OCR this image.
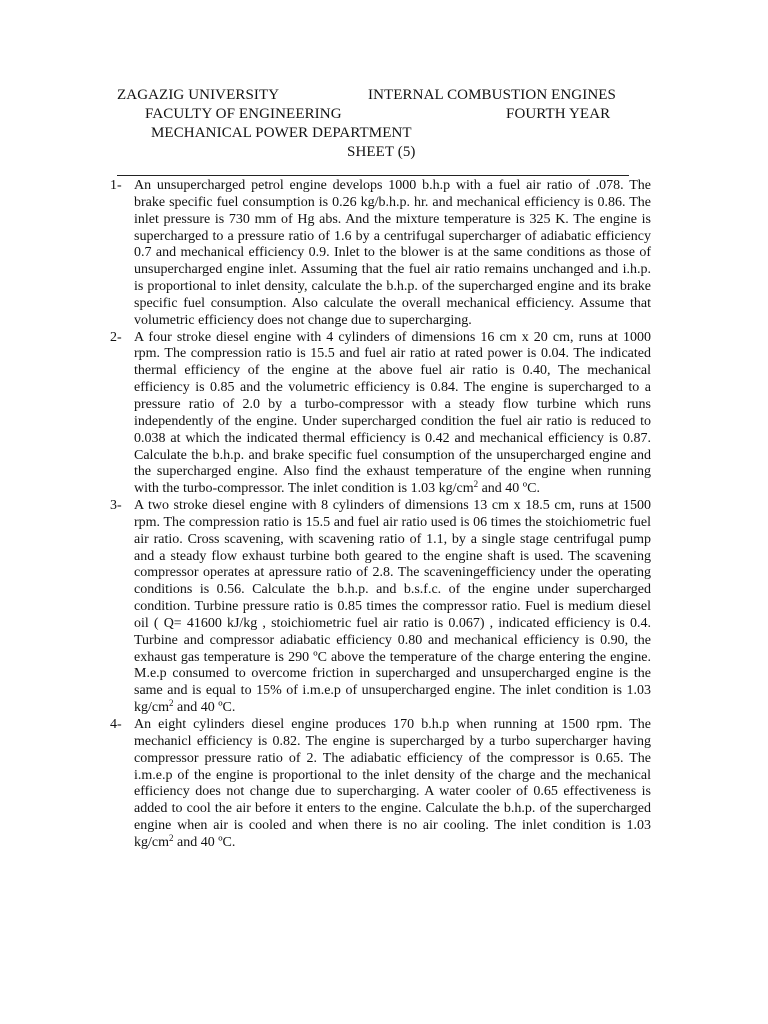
ZAGAZIG UNIVERSITY	INTERNAL COMBUSTION ENGINES
FACULTY OF ENGINEERING	FOURTH YEAR
MECHANICAL POWER DEPARTMENT
SHEET (5)
1- An unsupercharged petrol engine develops 1000 b.h.p with a fuel air ratio of .078. The brake specific fuel consumption is 0.26 kg/b.h.p. hr. and mechanical efficiency is 0.86. The inlet pressure is 730 mm of Hg abs. And the mixture temperature is 325 K. The engine is supercharged to a pressure ratio of 1.6 by a centrifugal supercharger of adiabatic efficiency 0.7 and mechanical efficiency 0.9. Inlet to the blower is at the same conditions as those of unsupercharged engine inlet. Assuming that the fuel air ratio remains unchanged and i.h.p. is proportional to inlet density, calculate the b.h.p. of the supercharged engine and its brake specific fuel consumption. Also calculate the overall mechanical efficiency. Assume that volumetric efficiency does not change due to supercharging.
2- A four stroke diesel engine with 4 cylinders of dimensions 16 cm x 20 cm, runs at 1000 rpm. The compression ratio is 15.5 and fuel air ratio at rated power is 0.04. The indicated thermal efficiency of the engine at the above fuel air ratio is 0.40, The mechanical efficiency is 0.85 and the volumetric efficiency is 0.84. The engine is supercharged to a pressure ratio of 2.0 by a turbo-compressor with a steady flow turbine which runs independently of the engine. Under supercharged condition the fuel air ratio is reduced to 0.038 at which the indicated thermal efficiency is 0.42 and mechanical efficiency is 0.87. Calculate the b.h.p. and brake specific fuel consumption of the unsupercharged engine and the supercharged engine. Also find the exhaust temperature of the engine when running with the turbo-compressor. The inlet condition is 1.03 $kg/cm^2$ and 40 ºC.
3- A two stroke diesel engine with 8 cylinders of dimensions 13 cm x 18.5 cm, runs at 1500 rpm. The compression ratio is 15.5 and fuel air ratio used is 06 times the stoichiometric fuel air ratio. Cross scavening, with scavening ratio of 1.1, by a single stage centrifugal pump and a steady flow exhaust turbine both geared to the engine shaft is used. The scavening compressor operates at apressure ratio of 2.8. The scaveningefficiency under the operating conditions is 0.56. Calculate the b.h.p. and b.s.f.c. of the engine under supercharged condition. Turbine pressure ratio is 0.85 times the compressor ratio. Fuel is medium diesel oil ( Q= 41600 kJ/kg , stoichiometric fuel air ratio is 0.067) , indicated efficiency is 0.4. Turbine and compressor adiabatic efficiency 0.80 and mechanical efficiency is 0.90, the exhaust gas temperature is 290 ºC above the temperature of the charge entering the engine. M.e.p consumed to overcome friction in supercharged and unsupercharged engine is the same and is equal to 15% of i.m.e.p of unsupercharged engine. The inlet condition is 1.03 $kg/cm^2$ and 40 ºC.
4- An eight cylinders diesel engine produces 170 b.h.p when running at 1500 rpm. The mechanicl efficiency is 0.82. The engine is supercharged by a turbo supercharger having compressor pressure ratio of 2. The adiabatic efficiency of the compressor is 0.65. The i.m.e.p of the engine is proportional to the inlet density of the charge and the mechanical efficiency does not change due to supercharging. A water cooler of 0.65 effectiveness is added to cool the air before it enters to the engine. Calculate the b.h.p. of the supercharged engine when air is cooled and when there is no air cooling. The inlet condition is 1.03 $kg/cm^2$ and 40 ºC.
